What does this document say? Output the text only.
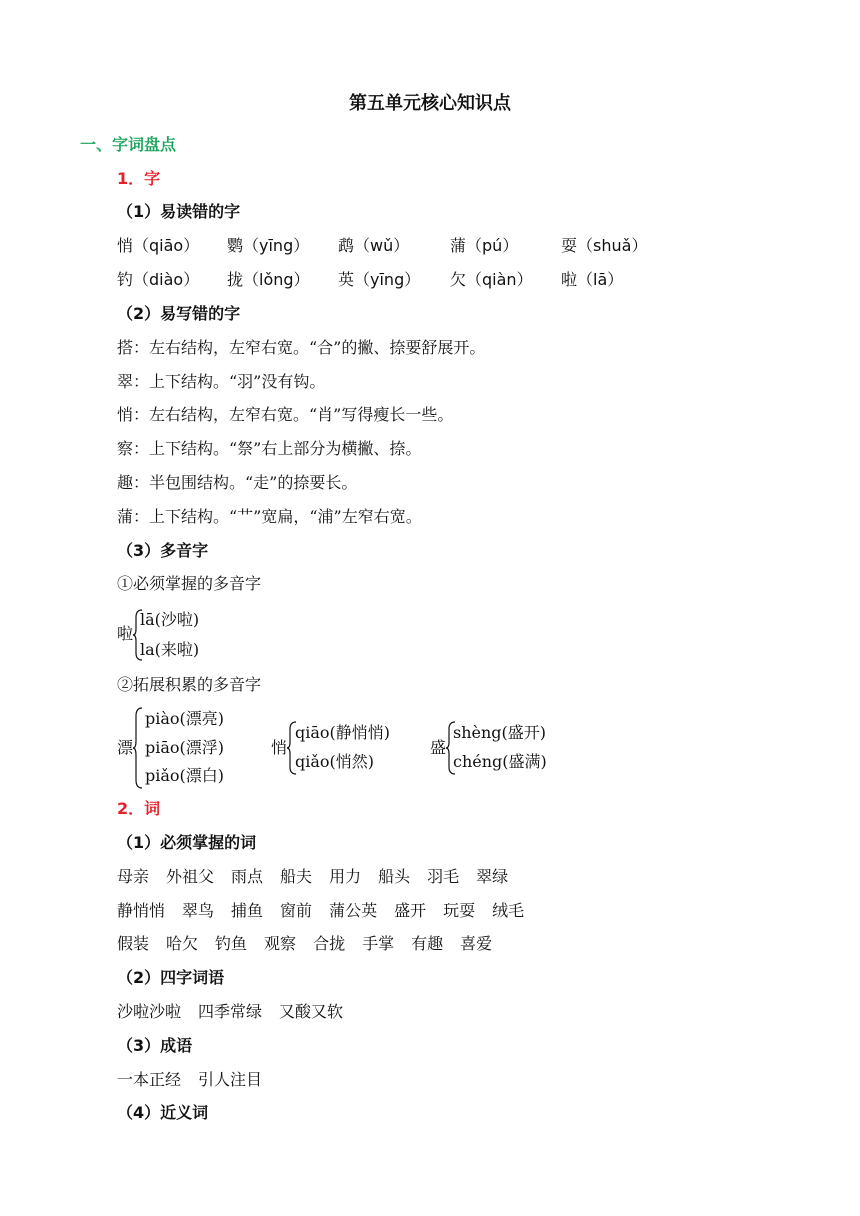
第五单元核心知识点
一、字词盘点
1．字
（1）易读错的字
悄（qiāo） 鹦（yīng） 鹉（wǔ）	蒲（pú）	耍（shuǎ）
钓（diào） 拢（lǒng） 英（yīng） 欠（qiàn） 啦（lā）
（2）易写错的字
搭：左右结构，左窄右宽。“合”的撇、捺要舒展开。
翠：上下结构。“羽”没有钩。
悄：左右结构，左窄右宽。“肖”写得瘦长一些。
察：上下结构。“祭”右上部分为横撇、捺。
趣：半包围结构。“走”的捺要长。
蒲：上下结构。“艹”宽扁，“浦”左窄右宽。
（3）多音字
①必须掌握的多音字
啦
lā(沙啦)
la(来啦)
②拓展积累的多音字
漂
piào(漂亮)
piāo(漂浮)
piǎo(漂白)
悄
qiāo(静悄悄)
qiǎo(悄然)
盛
shèng(盛开)
chéng(盛满)
2．词
（1）必须掌握的词
母亲 外祖父 雨点 船夫 用力 船头 羽毛 翠绿
静悄悄 翠鸟 捕鱼 窗前 蒲公英 盛开 玩耍 绒毛
假装 哈欠 钓鱼 观察 合拢 手掌 有趣 喜爱
（2）四字词语
沙啦沙啦 四季常绿 又酸又软
（3）成语
一本正经 引人注目
（4）近义词
